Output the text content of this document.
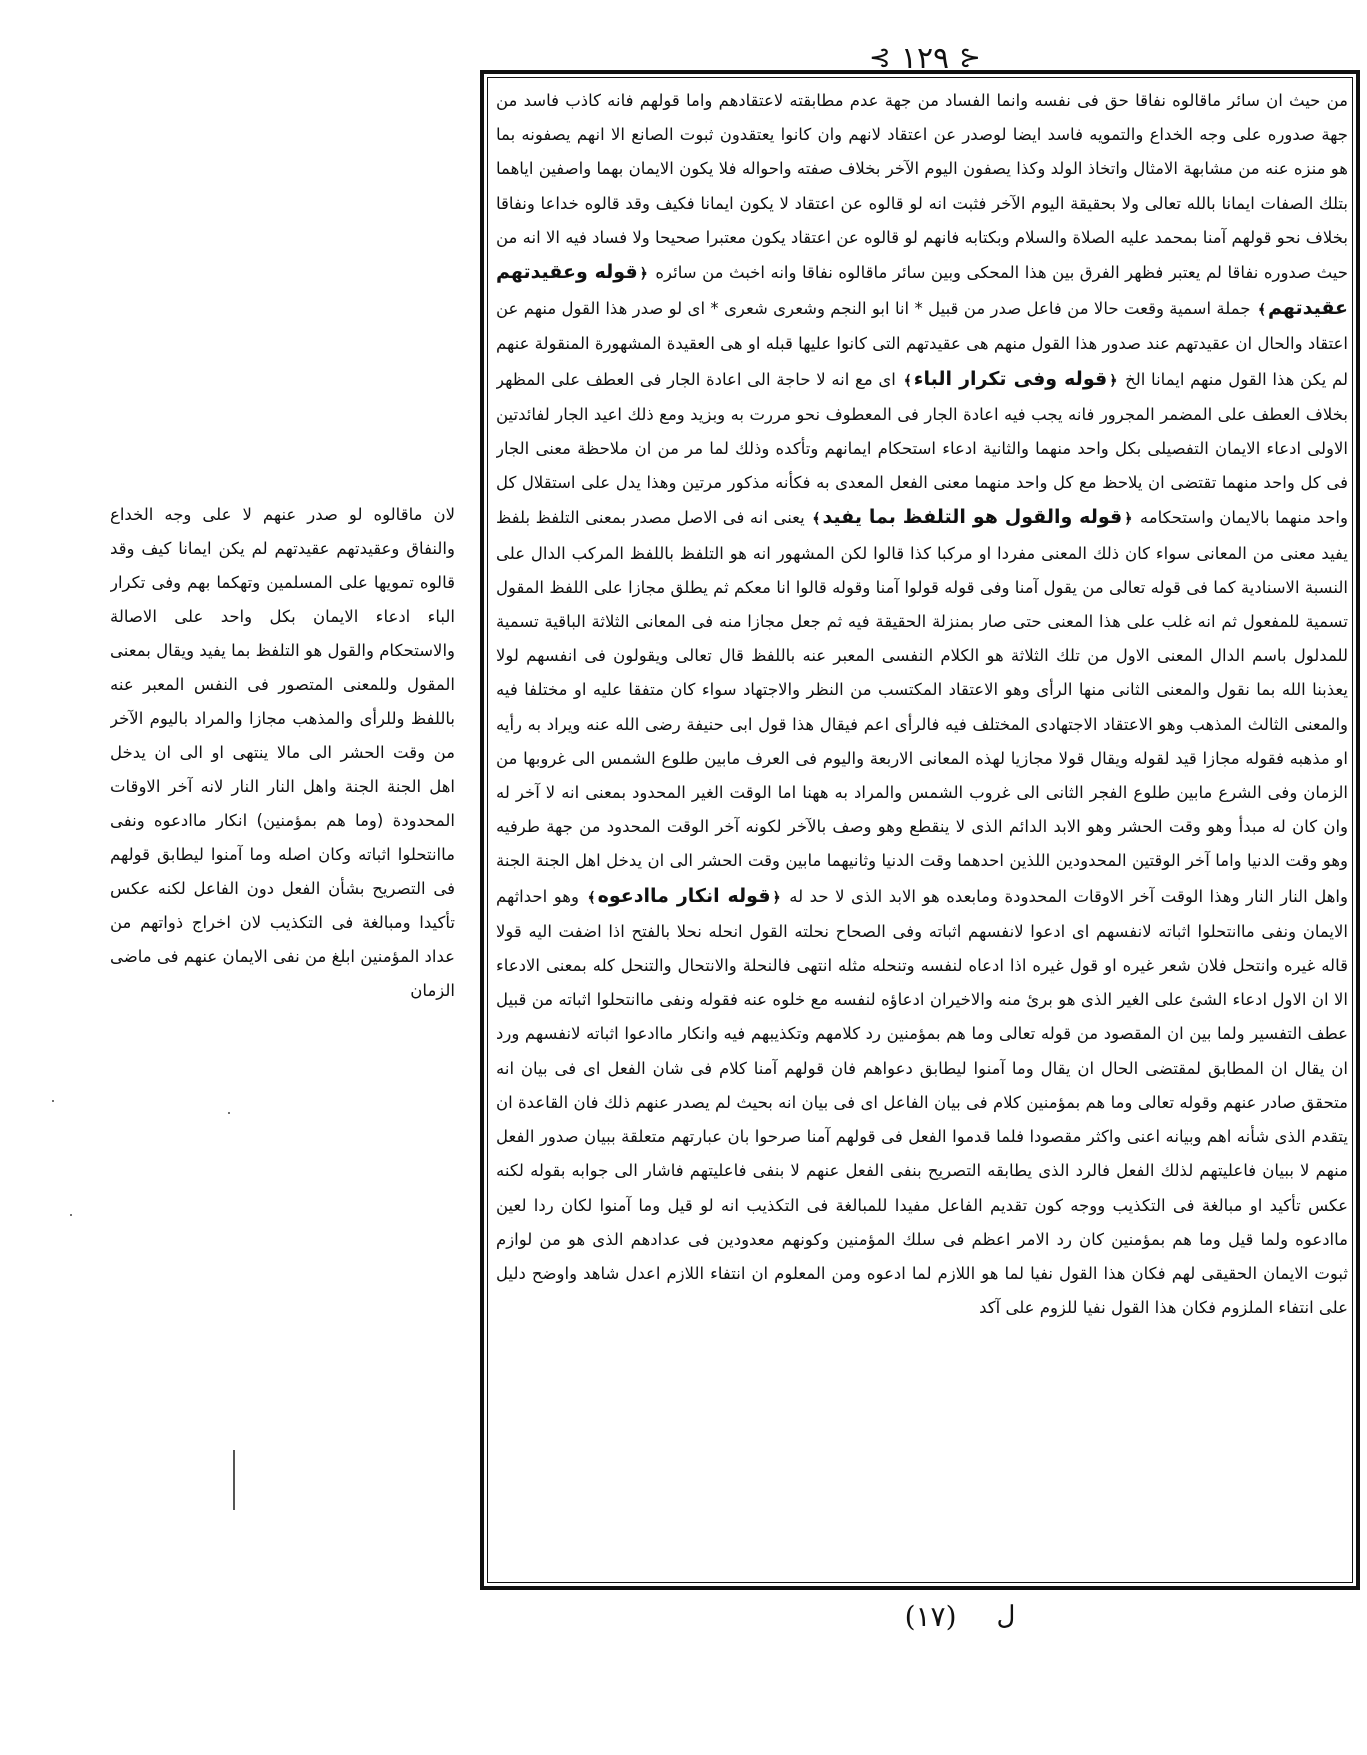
⊰ ١٢٩ ⊱

من حيث ان سائر ماقالوه نفاقا حق فى نفسه وانما الفساد من جهة عدم مطابقته لاعتقادهم واما قولهم فانه كاذب فاسد من جهة صدوره على وجه الخداع والتمويه فاسد ايضا لوصدر عن اعتقاد لانهم وان كانوا يعتقدون ثبوت الصانع الا انهم يصفونه بما هو منزه عنه من مشابهة الامثال واتخاذ الولد وكذا يصفون اليوم الآخر بخلاف صفته واحواله فلا يكون الايمان بهما واصفين اياهما بتلك الصفات ايمانا بالله تعالى ولا بحقيقة اليوم الآخر فثبت انه لو قالوه عن اعتقاد لا يكون ايمانا فكيف وقد قالوه خداعا ونفاقا بخلاف نحو قولهم آمنا بمحمد عليه الصلاة والسلام وبكتابه فانهم لو قالوه عن اعتقاد يكون معتبرا صحيحا ولا فساد فيه الا انه من حيث صدوره نفاقا لم يعتبر فظهر الفرق بين هذا المحكى وبين سائر ماقالوه نفاقا وانه اخبث من سائره ﴿قوله وعقيدتهم عقيدتهم﴾ جملة اسمية وقعت حالا من فاعل صدر من قبيل * انا ابو النجم وشعرى شعرى * اى لو صدر هذا القول منهم عن اعتقاد والحال ان عقيدتهم عند صدور هذا القول منهم هى عقيدتهم التى كانوا عليها قبله او هى العقيدة المشهورة المنقولة عنهم لم يكن هذا القول منهم ايمانا الخ ﴿قوله وفى تكرار الباء﴾ اى مع انه لا حاجة الى اعادة الجار فى العطف على المظهر بخلاف العطف على المضمر المجرور فانه يجب فيه اعادة الجار فى المعطوف نحو مررت به وبزيد ومع ذلك اعيد الجار لفائدتين الاولى ادعاء الايمان التفصيلى بكل واحد منهما والثانية ادعاء استحكام ايمانهم وتأكده وذلك لما مر من ان ملاحظة معنى الجار فى كل واحد منهما تقتضى ان يلاحظ مع كل واحد منهما معنى الفعل المعدى به فكأنه مذكور مرتين وهذا يدل على استقلال كل واحد منهما بالايمان واستحكامه ﴿قوله والقول هو التلفظ بما يفيد﴾ يعنى انه فى الاصل مصدر بمعنى التلفظ بلفظ يفيد معنى من المعانى سواء كان ذلك المعنى مفردا او مركبا كذا قالوا لكن المشهور انه هو التلفظ باللفظ المركب الدال على النسبة الاسنادية كما فى قوله تعالى من يقول آمنا وفى قوله قولوا آمنا وقوله قالوا انا معكم ثم يطلق مجازا على اللفظ المقول تسمية للمفعول ثم انه غلب على هذا المعنى حتى صار بمنزلة الحقيقة فيه ثم جعل مجازا منه فى المعانى الثلاثة الباقية تسمية للمدلول باسم الدال المعنى الاول من تلك الثلاثة هو الكلام النفسى المعبر عنه باللفظ قال تعالى ويقولون فى انفسهم لولا يعذبنا الله بما نقول والمعنى الثانى منها الرأى وهو الاعتقاد المكتسب من النظر والاجتهاد سواء كان متفقا عليه او مختلفا فيه والمعنى الثالث المذهب وهو الاعتقاد الاجتهادى المختلف فيه فالرأى اعم فيقال هذا قول ابى حنيفة رضى الله عنه ويراد به رأيه او مذهبه فقوله مجازا قيد لقوله ويقال قولا مجازيا لهذه المعانى الاربعة واليوم فى العرف مابين طلوع الشمس الى غروبها من الزمان وفى الشرع مابين طلوع الفجر الثانى الى غروب الشمس والمراد به ههنا اما الوقت الغير المحدود بمعنى انه لا آخر له وان كان له مبدأ وهو وقت الحشر وهو الابد الدائم الذى لا ينقطع وهو وصف بالآخر لكونه آخر الوقت المحدود من جهة طرفيه وهو وقت الدنيا واما آخر الوقتين المحدودين اللذين احدهما وقت الدنيا وثانيهما مابين وقت الحشر الى ان يدخل اهل الجنة الجنة واهل النار النار وهذا الوقت آخر الاوقات المحدودة ومابعده هو الابد الذى لا حد له ﴿قوله انكار ماادعوه﴾ وهو احداثهم الايمان ونفى ماانتحلوا اثباته لانفسهم اى ادعوا لانفسهم اثباته وفى الصحاح نحلته القول انحله نحلا بالفتح اذا اضفت اليه قولا قاله غيره وانتحل فلان شعر غيره او قول غيره اذا ادعاه لنفسه وتنحله مثله انتهى فالنحلة والانتحال والتنحل كله بمعنى الادعاء الا ان الاول ادعاء الشئ على الغير الذى هو برئ منه والاخيران ادعاؤه لنفسه مع خلوه عنه فقوله ونفى ماانتحلوا اثباته من قبيل عطف التفسير ولما بين ان المقصود من قوله تعالى وما هم بمؤمنين رد كلامهم وتكذيبهم فيه وانكار ماادعوا اثباته لانفسهم ورد ان يقال ان المطابق لمقتضى الحال ان يقال وما آمنوا ليطابق دعواهم فان قولهم آمنا كلام فى شان الفعل اى فى بيان انه متحقق صادر عنهم وقوله تعالى وما هم بمؤمنين كلام فى بيان الفاعل اى فى بيان انه بحيث لم يصدر عنهم ذلك فان القاعدة ان يتقدم الذى شأنه اهم وبيانه اعنى واكثر مقصودا فلما قدموا الفعل فى قولهم آمنا صرحوا بان عبارتهم متعلقة ببيان صدور الفعل منهم لا ببيان فاعليتهم لذلك الفعل فالرد الذى يطابقه التصريح بنفى الفعل عنهم لا بنفى فاعليتهم فاشار الى جوابه بقوله لكنه عكس تأكيد او مبالغة فى التكذيب ووجه كون تقديم الفاعل مفيدا للمبالغة فى التكذيب انه لو قيل وما آمنوا لكان ردا لعين ماادعوه ولما قيل وما هم بمؤمنين كان رد الامر اعظم فى سلك المؤمنين وكونهم معدودين فى عدادهم الذى هو من لوازم ثبوت الايمان الحقيقى لهم فكان هذا القول نفيا لما هو اللازم لما ادعوه ومن المعلوم ان انتفاء اللازم اعدل شاهد واوضح دليل على انتفاء الملزوم فكان هذا القول نفيا للزوم على آكد

لان ماقالوه لو صدر عنهم لا على وجه الخداع والنفاق وعقيدتهم عقيدتهم لم يكن ايمانا كيف وقد قالوه تمويها على المسلمين وتهكما بهم وفى تكرار الباء ادعاء الايمان بكل واحد على الاصالة والاستحكام والقول هو التلفظ بما يفيد ويقال بمعنى المقول وللمعنى المتصور فى النفس المعبر عنه باللفظ وللرأى والمذهب مجازا والمراد باليوم الآخر من وقت الحشر الى مالا ينتهى او الى ان يدخل اهل الجنة الجنة واهل النار النار لانه آخر الاوقات المحدودة (وما هم بمؤمنين) انكار ماادعوه ونفى ماانتحلوا اثباته وكان اصله وما آمنوا ليطابق قولهم فى التصريح بشأن الفعل دون الفاعل لكنه عكس تأكيدا ومبالغة فى التكذيب لان اخراج ذواتهم من عداد المؤمنين ابلغ من نفى الايمان عنهم فى ماضى الزمان

(١٧) ل
